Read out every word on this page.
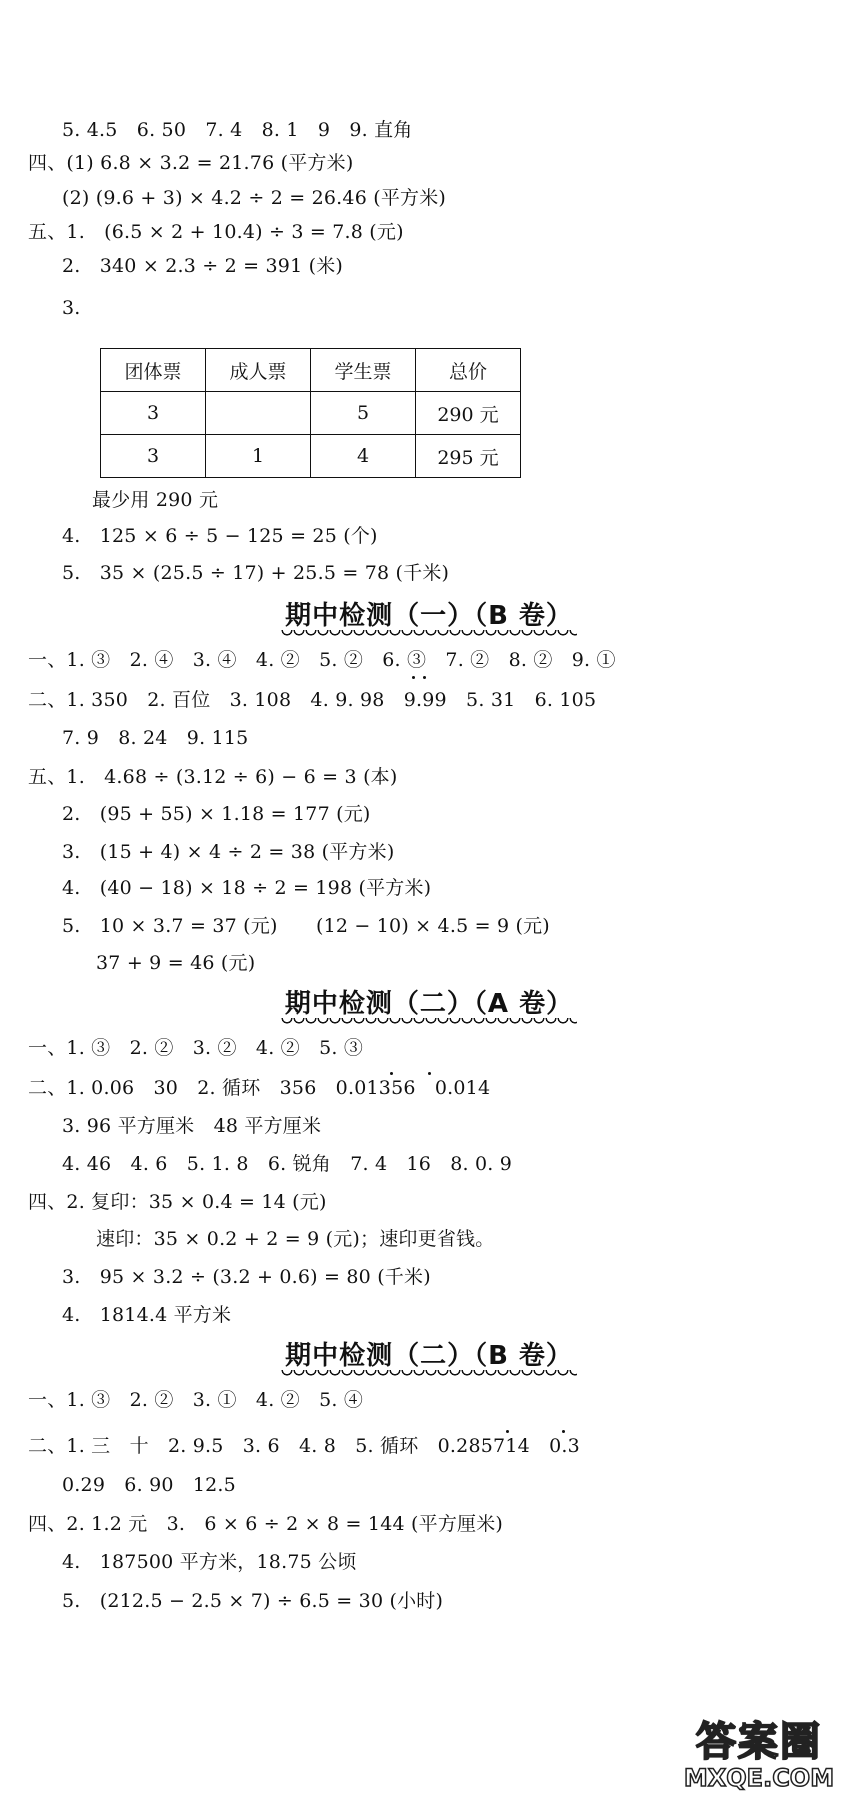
5. 4.5　6. 50　7. 4　8. 1　9　9. 直角
四、(1) 6.8 × 3.2 = 21.76 (平方米)
(2) (9.6 + 3) × 4.2 ÷ 2 = 26.46 (平方米)
五、1.　(6.5 × 2 + 10.4) ÷ 3 = 7.8 (元)
2.　340 × 2.3 ÷ 2 = 391 (米)
3.
团体票	成人票	学生票	总价
3		5	290 元
3	1	4	295 元
最少用 290 元
4.　125 × 6 ÷ 5 − 125 = 25 (个)
5.　35 × (25.5 ÷ 17) + 25.5 = 78 (千米)
期中检测（一）（B 卷）
一、1. ③　2. ④　3. ④　4. ②　5. ②　6. ③　7. ②　8. ②　9. ①
二、1. 350　2. 百位　3. 108　4. 9. 98　9.99　5. 31　6. 105
7. 9　8. 24　9. 115
五、1.　4.68 ÷ (3.12 ÷ 6) − 6 = 3 (本)
2.　(95 + 55) × 1.18 = 177 (元)
3.　(15 + 4) × 4 ÷ 2 = 38 (平方米)
4.　(40 − 18) × 18 ÷ 2 = 198 (平方米)
5.　10 × 3.7 = 37 (元)　　(12 − 10) × 4.5 = 9 (元)
37 + 9 = 46 (元)
期中检测（二）（A 卷）
一、1. ③　2. ②　3. ②　4. ②　5. ③
二、1. 0.06　30　2. 循环　356　0.01356　0.014
3. 96 平方厘米　48 平方厘米
4. 46　4. 6　5. 1. 8　6. 锐角　7. 4　16　8. 0. 9
四、2. 复印：35 × 0.4 = 14 (元)
速印：35 × 0.2 + 2 = 9 (元)；速印更省钱。
3.　95 × 3.2 ÷ (3.2 + 0.6) = 80 (千米)
4.　1814.4 平方米
期中检测（二）（B 卷）
一、1. ③　2. ②　3. ①　4. ②　5. ④
二、1. 三　十　2. 9.5　3. 6　4. 8　5. 循环　0.285714　0.3
0.29　6. 90　12.5
四、2. 1.2 元　3.　6 × 6 ÷ 2 × 8 = 144 (平方厘米)
4.　187500 平方米，18.75 公顷
5.　(212.5 − 2.5 × 7) ÷ 6.5 = 30 (小时)
答案圈
MXQE.COM
